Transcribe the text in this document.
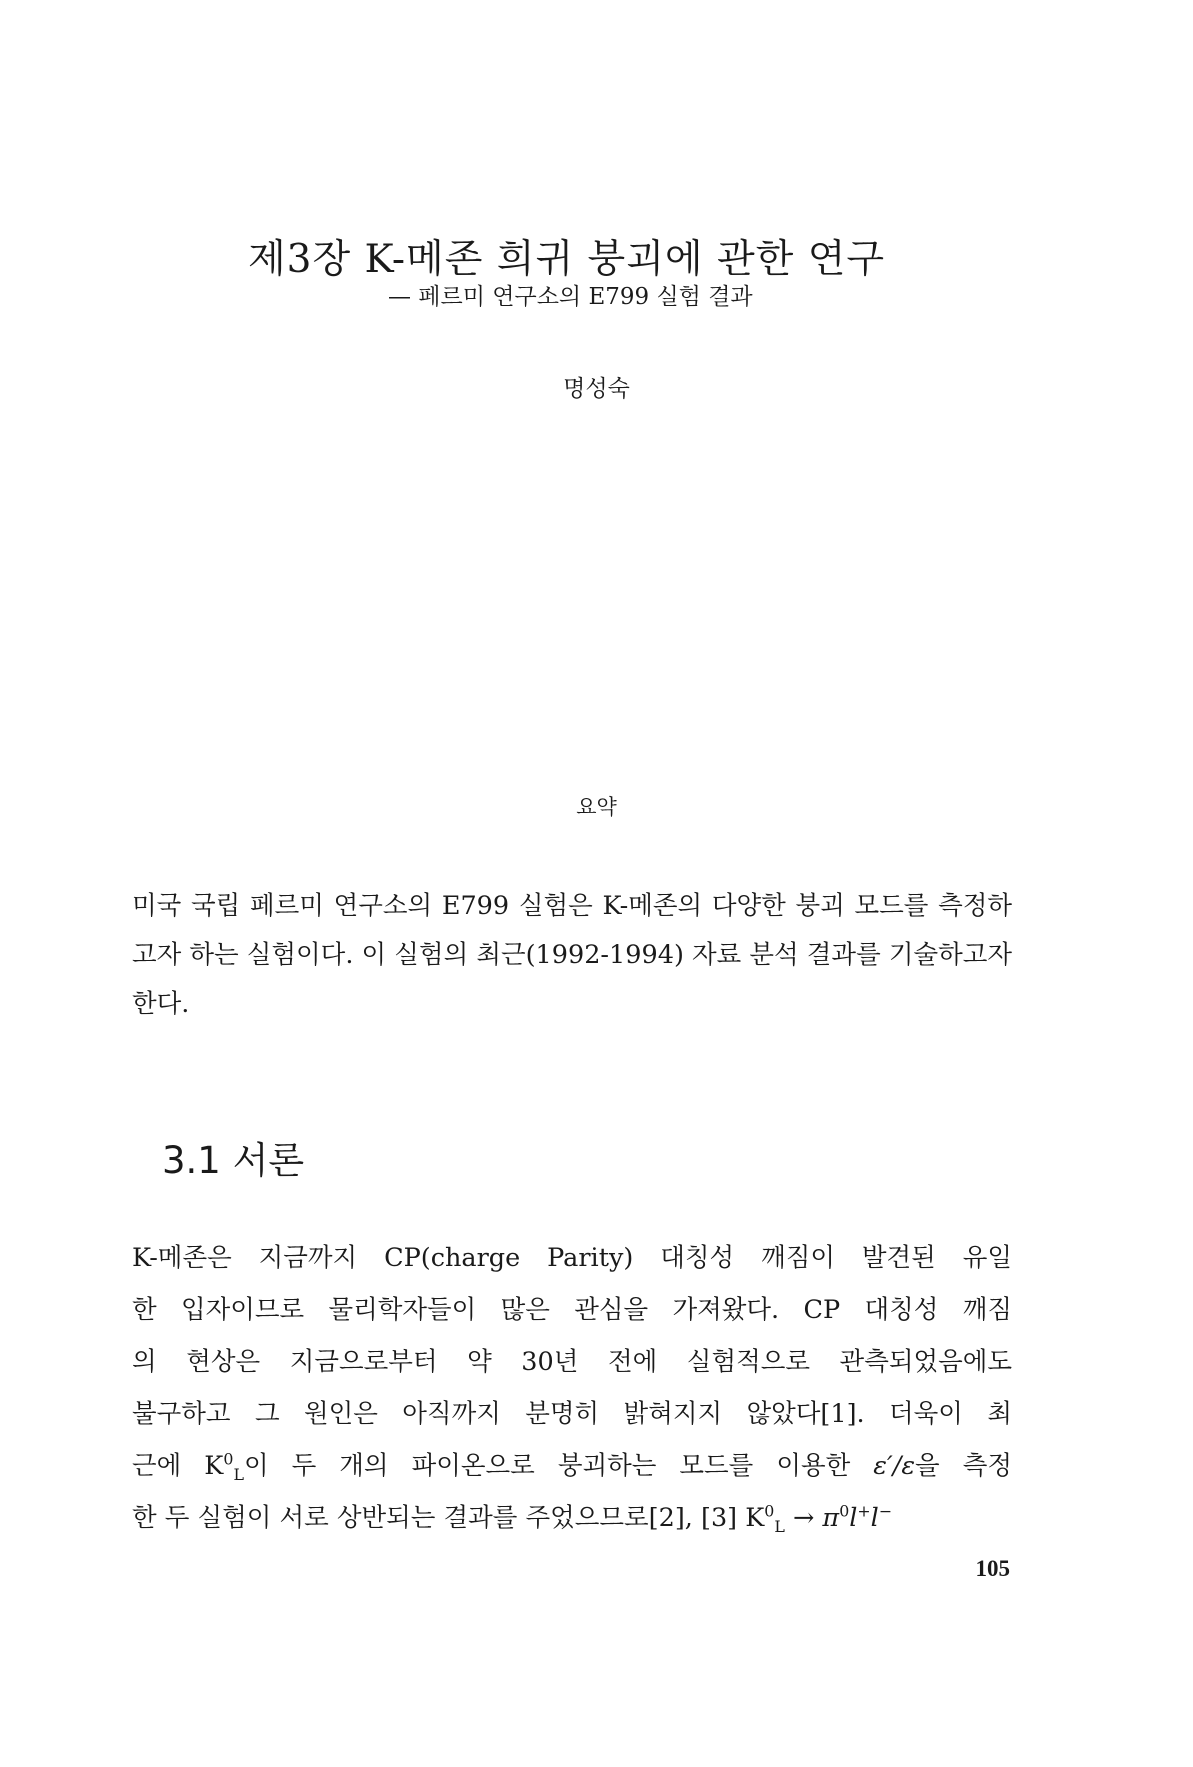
제3장 K-메존 희귀 붕괴에 관한 연구
— 페르미 연구소의 E799 실험 결과
명성숙
요약
미국 국립 페르미 연구소의 E799 실험은 K-메존의 다양한 붕괴 모드를 측정하고자 하는 실험이다. 이 실험의 최근(1992-1994) 자료 분석 결과를 기술하고자 한다.
3.1 서론
K-메존은 지금까지 CP(charge Parity) 대칭성 깨짐이 발견된 유일
한 입자이므로 물리학자들이 많은 관심을 가져왔다. CP 대칭성 깨짐
의 현상은 지금으로부터 약 30년 전에 실험적으로 관측되었음에도
불구하고 그 원인은 아직까지 분명히 밝혀지지 않았다[1]. 더욱이 최
근에 $K^0_L$이 두 개의 파이온으로 붕괴하는 모드를 이용한 ε′/ε을 측정
한 두 실험이 서로 상반되는 결과를 주었으므로[2], [3] $K^0_L \to \pi^0l^+l^-$
105
